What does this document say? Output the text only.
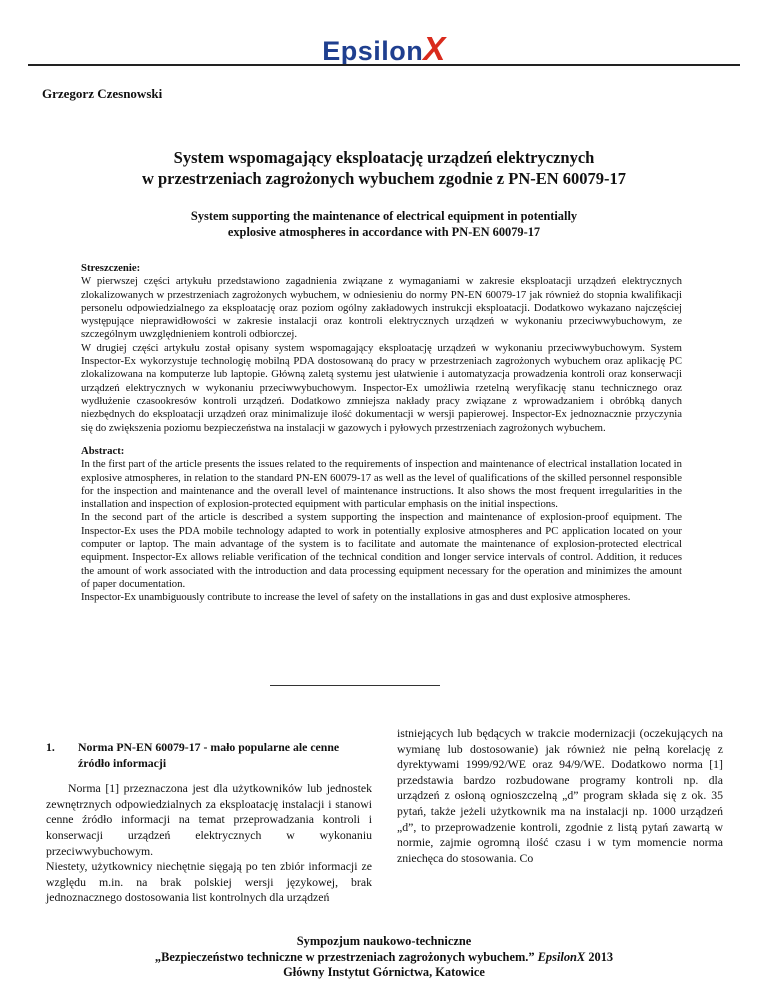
EpsilonX
Grzegorz Czesnowski
System wspomagający eksploatację urządzeń elektrycznych
w przestrzeniach zagrożonych wybuchem zgodnie z PN-EN 60079-17
System supporting the maintenance of electrical equipment in potentially
explosive atmospheres in accordance with PN-EN 60079-17

Streszczenie:

W pierwszej części artykułu przedstawiono zagadnienia związane z wymaganiami w zakresie eksploatacji urządzeń elektrycznych zlokalizowanych w przestrzeniach zagrożonych wybuchem, w odniesieniu do normy PN-EN 60079-17 jak również do stopnia kwalifikacji personelu odpowiedzialnego za eksploatację oraz poziom ogólny zakładowych instrukcji eksploatacji. Dodatkowo wykazano najczęściej występujące nieprawidłowości w zakresie instalacji oraz kontroli elektrycznych urządzeń w wykonaniu przeciwwybuchowym, ze szczególnym uwzględnieniem kontroli odbiorczej.

W drugiej części artykułu został opisany system wspomagający eksploatację urządzeń w wykonaniu przeciwwybuchowym. System Inspector-Ex wykorzystuje technologię mobilną PDA dostosowaną do pracy w przestrzeniach zagrożonych wybuchem oraz aplikację PC zlokalizowana na komputerze lub laptopie. Główną zaletą systemu jest ułatwienie i automatyzacja prowadzenia kontroli oraz konserwacji urządzeń elektrycznych w wykonaniu przeciwwybuchowym. Inspector-Ex umożliwia rzetelną weryfikację stanu technicznego oraz wydłużenie czasookresów kontroli urządzeń. Dodatkowo zmniejsza nakłady pracy związane z wprowadzaniem i obróbką danych niezbędnych do eksploatacji urządzeń oraz minimalizuje ilość dokumentacji w wersji papierowej. Inspector-Ex jednoznacznie przyczynia się do zwiększenia poziomu bezpieczeństwa na instalacji w gazowych i pyłowych przestrzeniach zagrożonych wybuchem.

Abstract:

In the first part of the article presents the issues related to the requirements of inspection and maintenance of electrical installation located in explosive atmospheres, in relation to the standard PN-EN 60079-17 as well as the level of qualifications of the skilled personnel responsible for the inspection and maintenance and the overall level of maintenance instructions. It also shows the most frequent irregularities in the installation and inspection of explosion-protected equipment with particular emphasis on the initial inspections.

In the second part of the article is described a system supporting the inspection and maintenance of explosion-proof equipment. The Inspector-Ex uses the PDA mobile technology adapted to work in potentially explosive atmospheres and PC application located on your computer or laptop. The main advantage of the system is to facilitate and automate the maintenance of explosion-protected electrical equipment. Inspector-Ex allows reliable verification of the technical condition and longer service intervals of control. Addition, it reduces the amount of work associated with the introduction and data processing equipment necessary for the operation and minimizes the amount of paper documentation.

Inspector-Ex unambiguously contribute to increase the level of safety on the installations in gas and dust explosive atmospheres.

1.	Norma PN-EN 60079-17 - mało popularne ale cenne źródło informacji

Norma [1] przeznaczona jest dla użytkowników lub jednostek zewnętrznych odpowiedzialnych za eksploatację instalacji i stanowi cenne źródło informacji na temat przeprowadzania kontroli i konserwacji urządzeń elektrycznych w wykonaniu przeciwwybuchowym.

Niestety, użytkownicy niechętnie sięgają po ten zbiór informacji ze względu m.in. na brak polskiej wersji językowej, brak jednoznacznego dostosowania list kontrolnych dla urządzeń

istniejących lub będących w trakcie modernizacji (oczekujących na wymianę lub dostosowanie) jak również nie pełną korelację z dyrektywami 1999/92/WE oraz 94/9/WE. Dodatkowo norma [1] przedstawia bardzo rozbudowane programy kontroli np. dla urządzeń z osłoną ognioszczelną „d” program składa się z ok. 35 pytań, także jeżeli użytkownik ma na instalacji np. 1000 urządzeń „d”, to przeprowadzenie kontroli, zgodnie z listą pytań zawartą w normie, zajmie ogromną ilość czasu i w tym momencie norma zniechęca do stosowania. Co

Sympozjum naukowo-techniczne
„Bezpieczeństwo techniczne w przestrzeniach zagrożonych wybuchem.” EpsilonX 2013
Główny Instytut Górnictwa, Katowice
